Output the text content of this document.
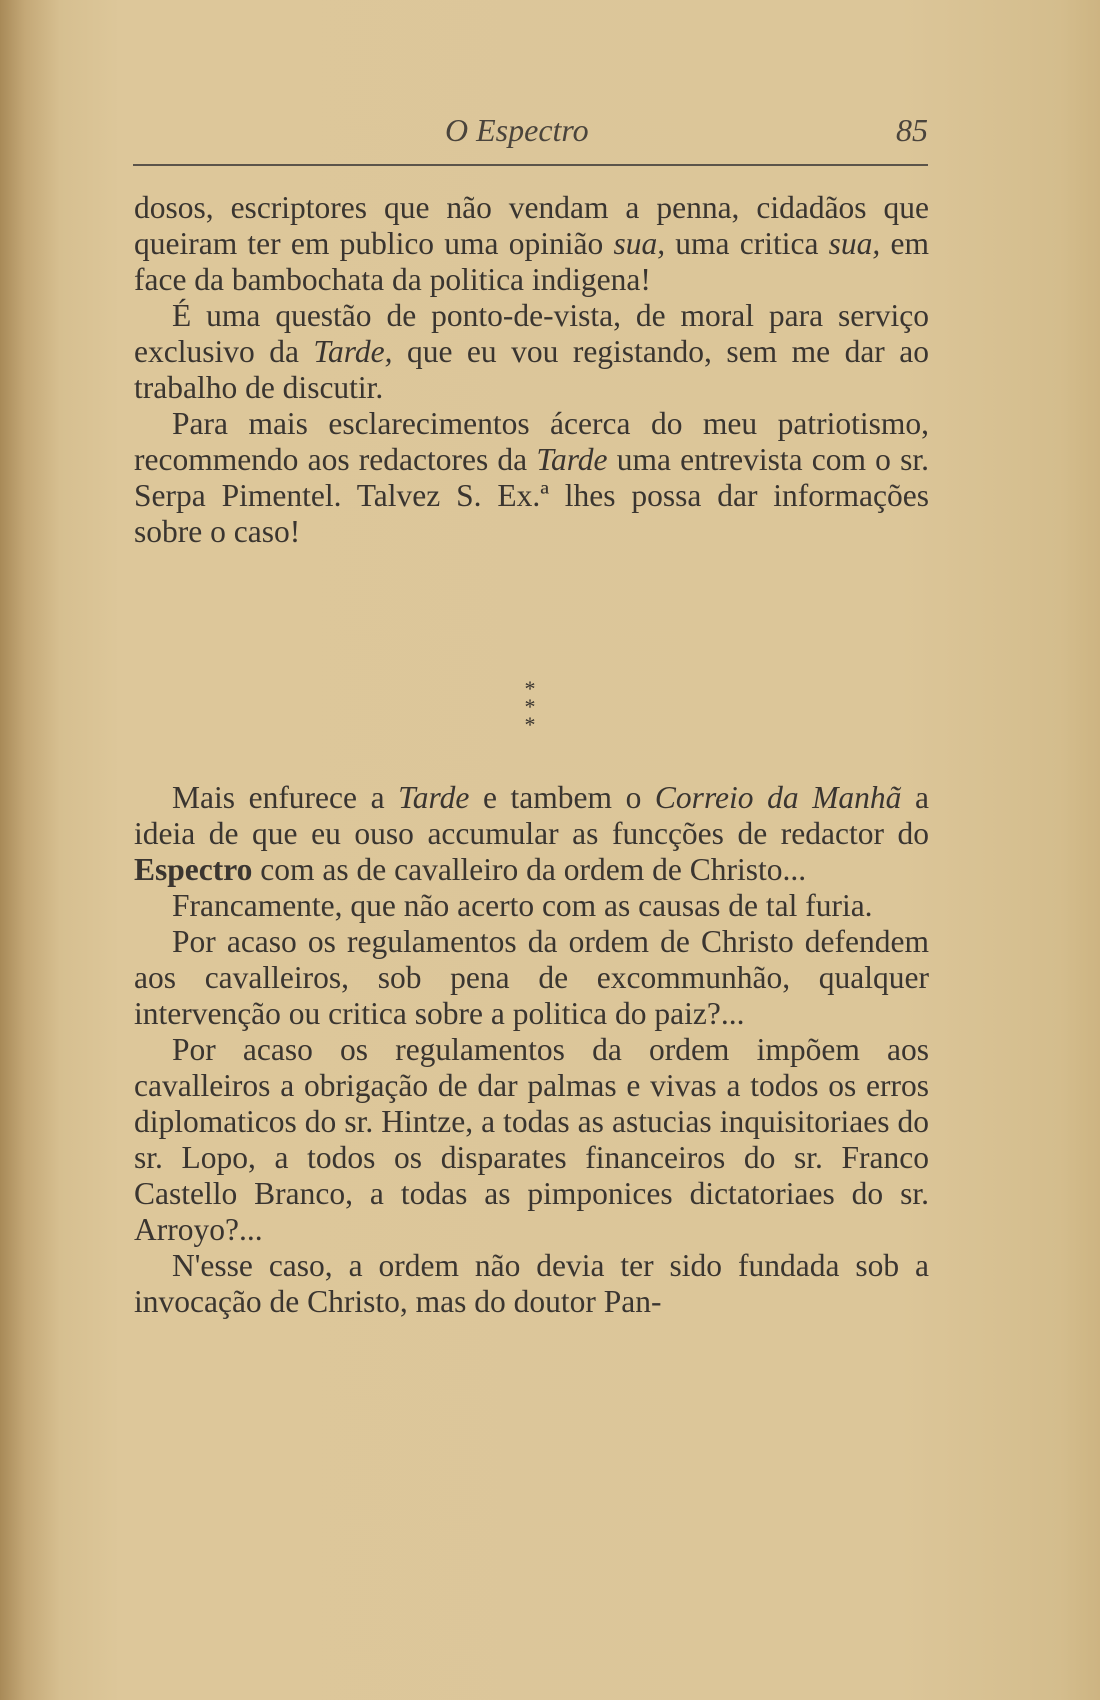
O Espectro	85

dosos, escriptores que não vendam a penna, cidadãos que queiram ter em publico uma opinião sua, uma critica sua, em face da bambochata da politica indigena!

É uma questão de ponto-de-vista, de moral para serviço exclusivo da Tarde, que eu vou registando, sem me dar ao trabalho de discutir.

Para mais esclarecimentos ácerca do meu patriotismo, recommendo aos redactores da Tarde uma entrevista com o sr. Serpa Pimentel. Talvez S. Ex.ª lhes possa dar informações sobre o caso!

*
* *

Mais enfurece a Tarde e tambem o Correio da Manhã a ideia de que eu ouso accumular as funcções de redactor do Espectro com as de cavalleiro da ordem de Christo...

Francamente, que não acerto com as causas de tal furia.

Por acaso os regulamentos da ordem de Christo defendem aos cavalleiros, sob pena de excommunhão, qualquer intervenção ou critica sobre a politica do paiz?...

Por acaso os regulamentos da ordem impõem aos cavalleiros a obrigação de dar palmas e vivas a todos os erros diplomaticos do sr. Hintze, a todas as astucias inquisitoriaes do sr. Lopo, a todos os disparates financeiros do sr. Franco Castello Branco, a todas as pimponices dictatoriaes do sr. Arroyo?...

N'esse caso, a ordem não devia ter sido fundada sob a invocação de Christo, mas do doutor Pan-
